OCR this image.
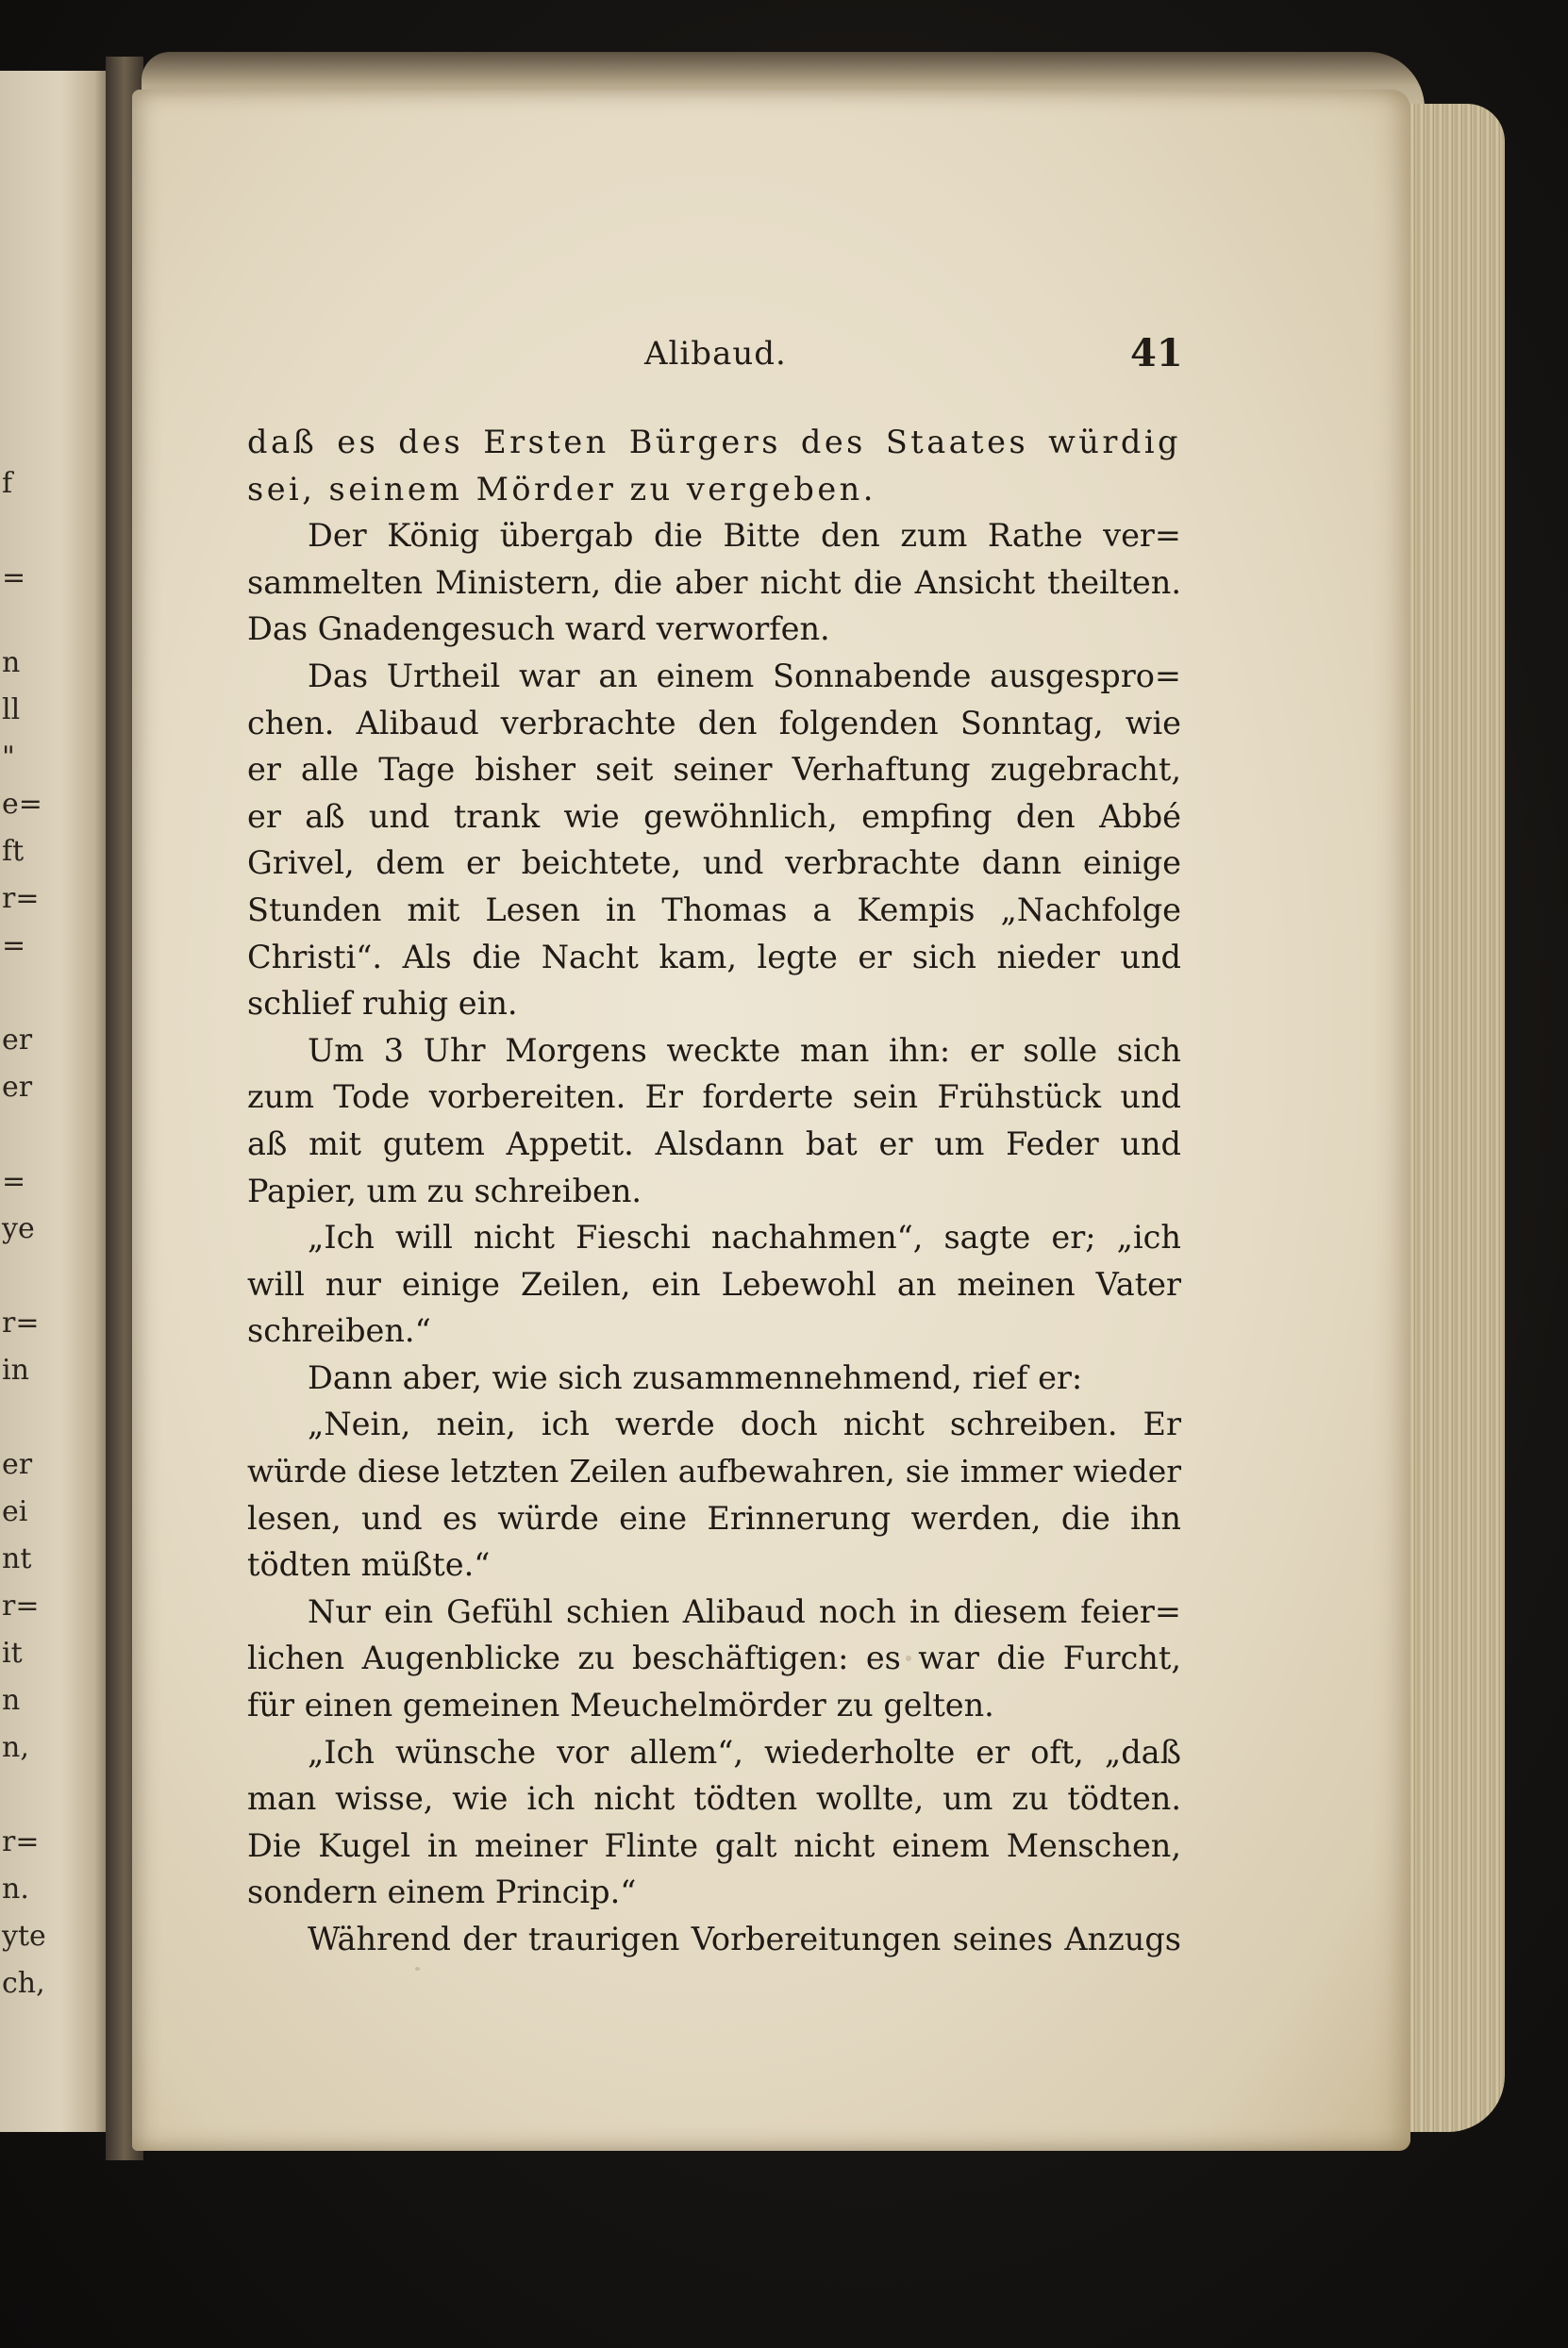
f
=
n
ll
"
e=
ft
r=
=
er
er
=
ye
r=
in
er
ei
nt
r=
it
n
n,
r=
n.
yte
ch,
Alibaud.	41
daß es des Ersten Bürgers des Staates würdig
sei, seinem Mörder zu vergeben.
Der König übergab die Bitte den zum Rathe ver=
sammelten Ministern, die aber nicht die Ansicht theilten.
Das Gnadengesuch ward verworfen.
Das Urtheil war an einem Sonnabende ausgespro=
chen. Alibaud verbrachte den folgenden Sonntag, wie
er alle Tage bisher seit seiner Verhaftung zugebracht,
er aß und trank wie gewöhnlich, empfing den Abbé
Grivel, dem er beichtete, und verbrachte dann einige
Stunden mit Lesen in Thomas a Kempis „Nachfolge
Christi“. Als die Nacht kam, legte er sich nieder und
schlief ruhig ein.
Um 3 Uhr Morgens weckte man ihn: er solle sich
zum Tode vorbereiten. Er forderte sein Frühstück und
aß mit gutem Appetit. Alsdann bat er um Feder und
Papier, um zu schreiben.
„Ich will nicht Fieschi nachahmen“, sagte er; „ich
will nur einige Zeilen, ein Lebewohl an meinen Vater
schreiben.“
Dann aber, wie sich zusammennehmend, rief er:
„Nein, nein, ich werde doch nicht schreiben. Er
würde diese letzten Zeilen aufbewahren, sie immer wieder
lesen, und es würde eine Erinnerung werden, die ihn
tödten müßte.“
Nur ein Gefühl schien Alibaud noch in diesem feier=
lichen Augenblicke zu beschäftigen: es war die Furcht,
für einen gemeinen Meuchelmörder zu gelten.
„Ich wünsche vor allem“, wiederholte er oft, „daß
man wisse, wie ich nicht tödten wollte, um zu tödten.
Die Kugel in meiner Flinte galt nicht einem Menschen,
sondern einem Princip.“
Während der traurigen Vorbereitungen seines Anzugs
